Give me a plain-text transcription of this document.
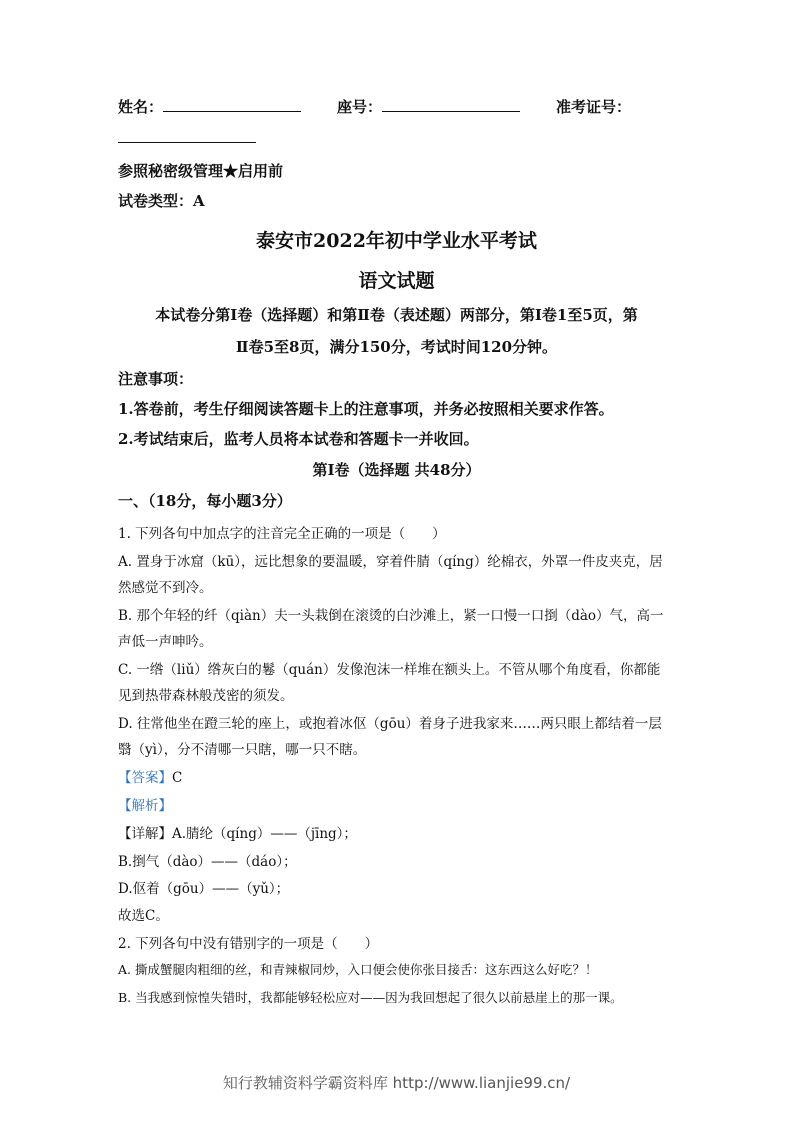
姓名：	座号：	准考证号：
参照秘密级管理★启用前
试卷类型：A
泰安市2022年初中学业水平考试
语文试题
本试卷分第Ⅰ卷（选择题）和第Ⅱ卷（表述题）两部分，第Ⅰ卷1至5页，第
Ⅱ卷5至8页，满分150分，考试时间120分钟。
注意事项：
1.答卷前，考生仔细阅读答题卡上的注意事项，并务必按照相关要求作答。
2.考试结束后，监考人员将本试卷和答题卡一并收回。
第Ⅰ卷（选择题 共48分）
一、（18分，每小题3分）
1. 下列各句中加点字的注音完全正确的一项是（　　）
A. 置身于冰窟（kū），远比想象的要温暖，穿着件腈（qíng）纶棉衣，外罩一件皮夹克，居
然感觉不到冷。
B. 那个年轻的纤（qiàn）夫一头栽倒在滚烫的白沙滩上，紧一口慢一口捯（dào）气，高一
声低一声呻吟。
C. 一绺（liǔ）绺灰白的鬈（quán）发像泡沫一样堆在额头上。不管从哪个角度看，你都能
见到热带森林般茂密的须发。
D. 往常他坐在蹬三轮的座上，或抱着冰伛（gōu）着身子进我家来……两只眼上都结着一层
翳（yì），分不清哪一只瞎，哪一只不瞎。
【答案】C
【解析】
【详解】A.腈纶（qíng）——（jīng）；
B.捯气（dào）——（dáo）；
D.伛着（gōu）——（yǔ）；
故选C。
2. 下列各句中没有错别字的一项是（　　）
A. 撕成蟹腿肉粗细的丝，和青辣椒同炒，入口便会使你张目接舌：这东西这么好吃？！
B. 当我感到惊惶失错时，我都能够轻松应对——因为我回想起了很久以前悬崖上的那一课。
知行教辅资料学霸资料库 http://www.lianjie99.cn/
